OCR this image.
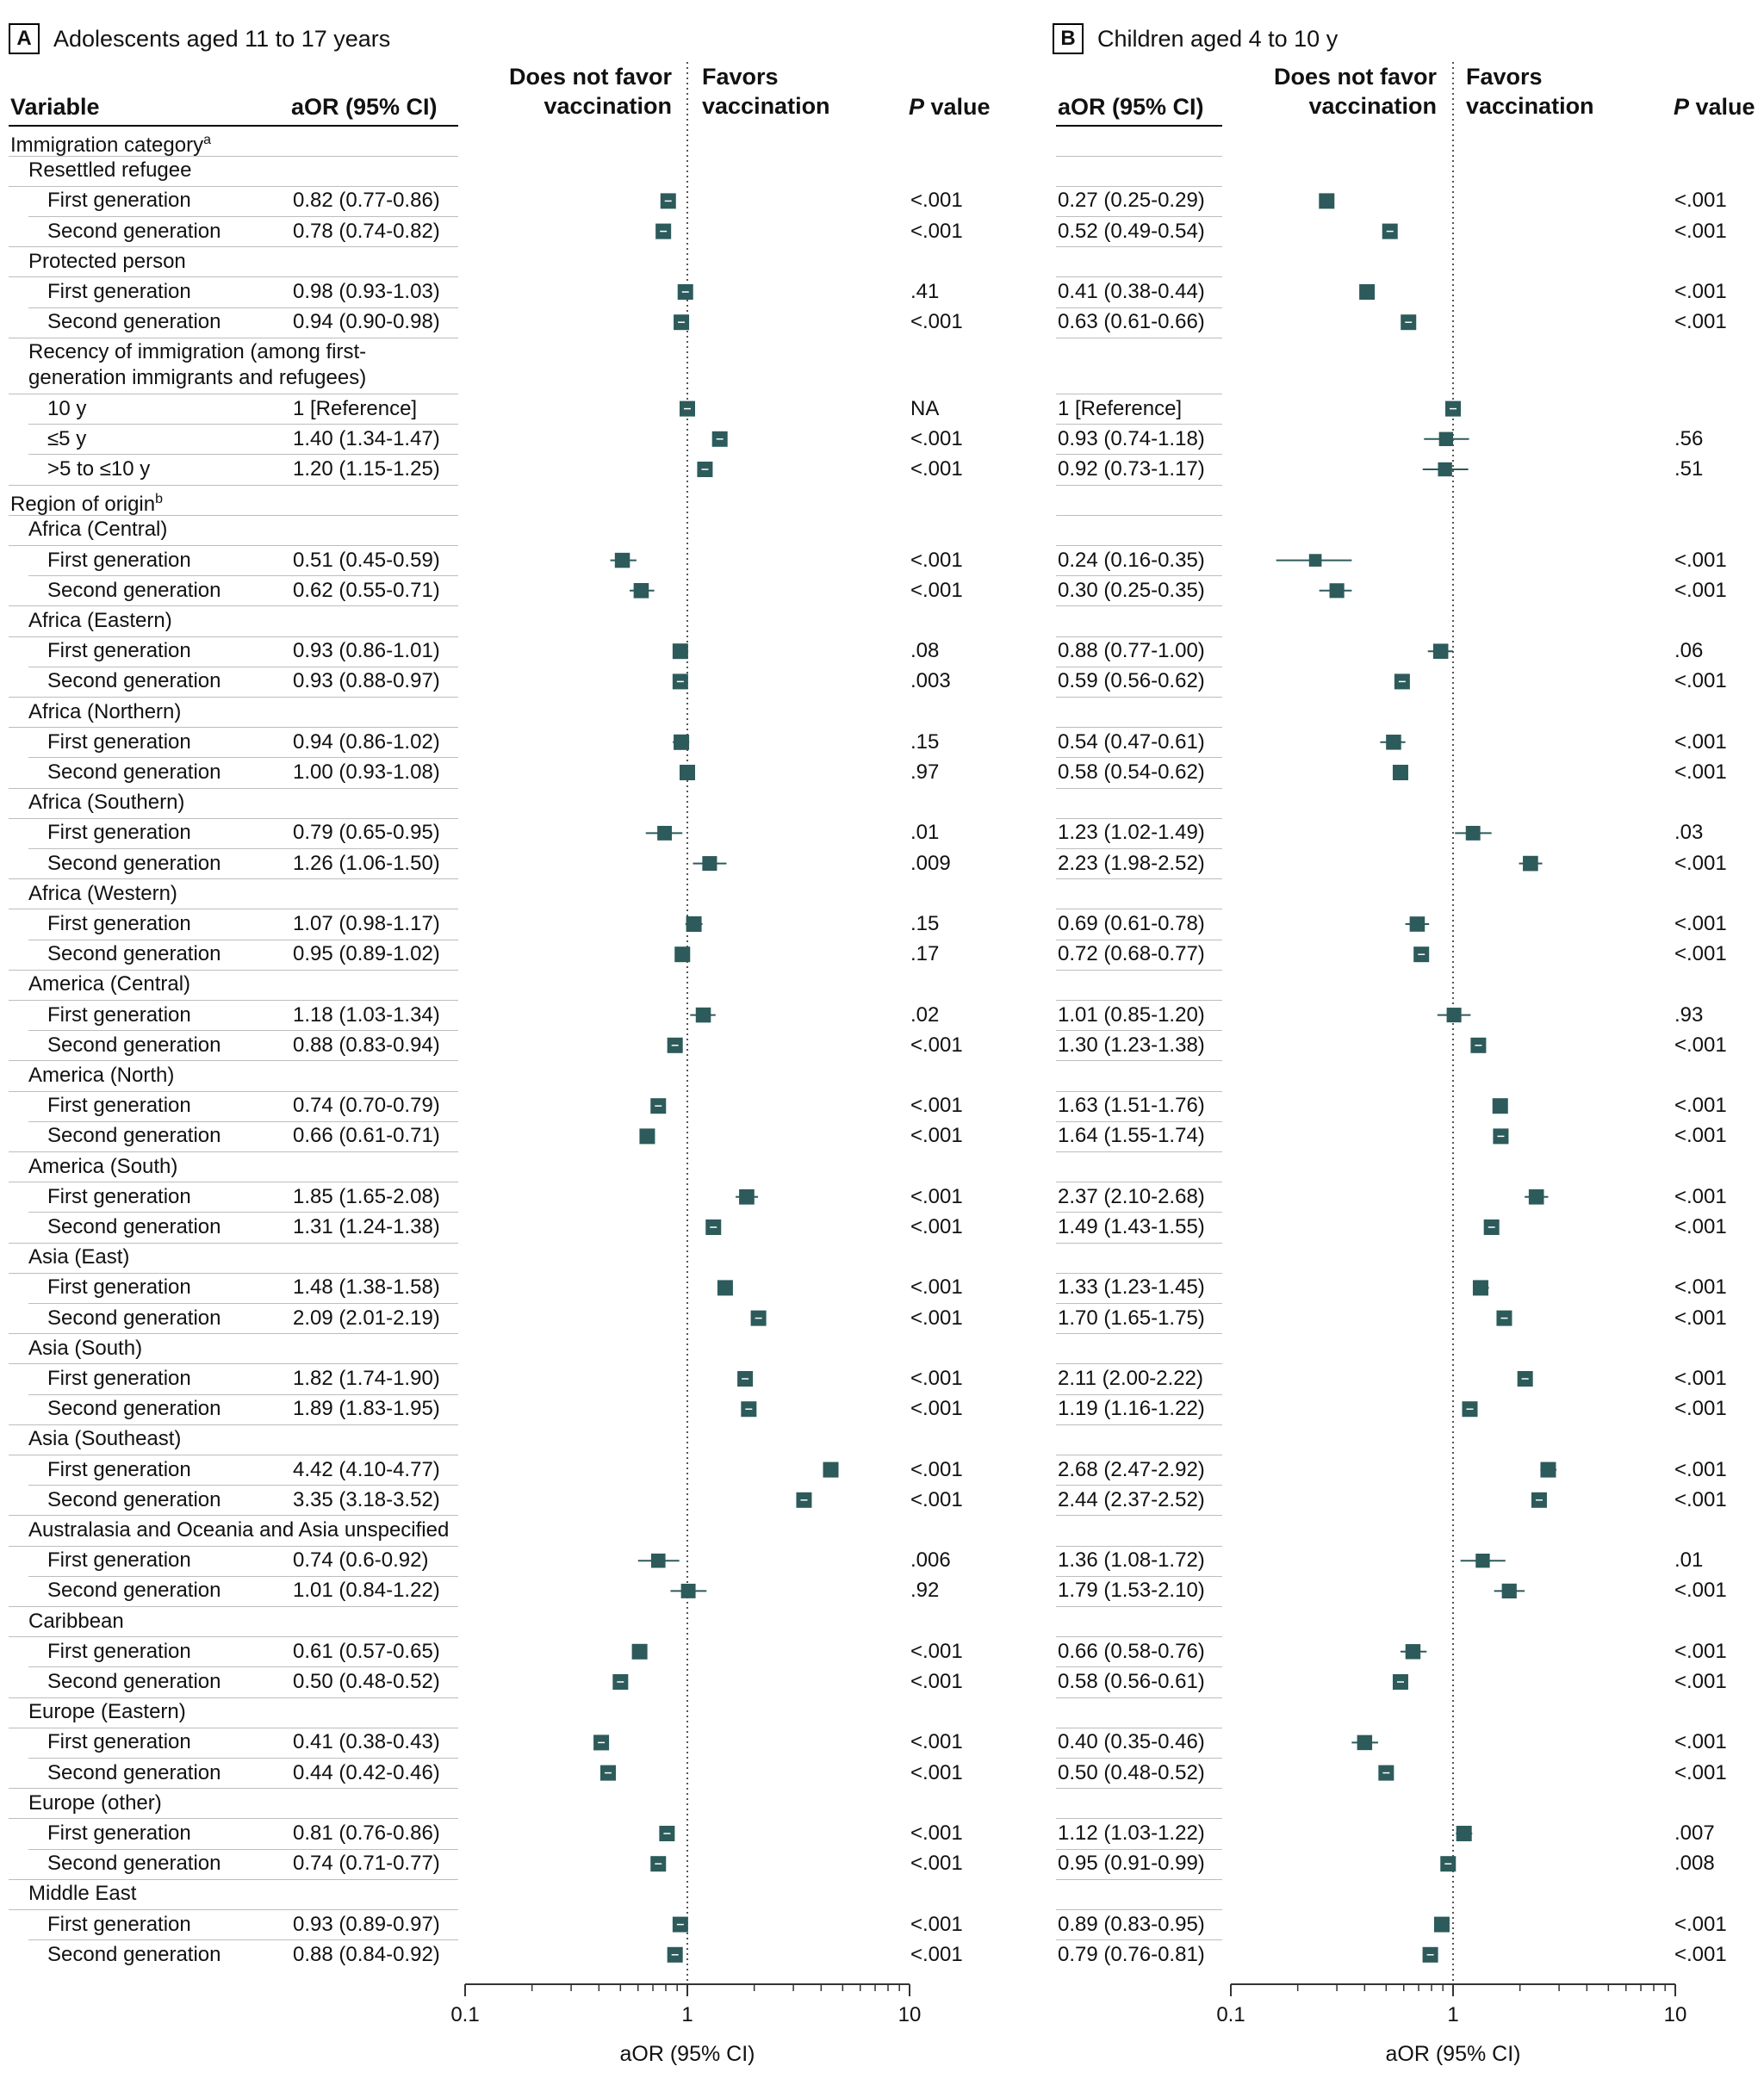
A Adolescents aged 11 to 17 years	B Children aged 4 to 10 y
Variable	aOR (95% CI)
Does not favor
vaccination
Favors
vaccination	P value	aOR (95% CI)
Does not favor
vaccination
Favors
vaccination	P value
Immigration category$^a$
Resettled refugee
First generation	0.82 (0.77-0.86)	<.001
Second generation	0.78 (0.74-0.82)	<.001
Protected person
First generation	0.98 (0.93-1.03)	.41
Second generation	0.94 (0.90-0.98)	<.001
Recency of immigration (among first-
generation immigrants and refugees)
10 y	1 [Reference]	NA
≤5 y	1.40 (1.34-1.47)	<.001
>5 to ≤10 y	1.20 (1.15-1.25)	<.001
Region of origin$^b$
Africa (Central)
First generation	0.51 (0.45-0.59)	<.001
Second generation	0.62 (0.55-0.71)	<.001
Africa (Eastern)
First generation	0.93 (0.86-1.01)	.08
Second generation	0.93 (0.88-0.97)	.003
Africa (Northern)
First generation	0.94 (0.86-1.02)	.15
Second generation	1.00 (0.93-1.08)	.97
Africa (Southern)
First generation	0.79 (0.65-0.95)	.01
Second generation	1.26 (1.06-1.50)	.009
Africa (Western)
First generation	1.07 (0.98-1.17)	.15
Second generation	0.95 (0.89-1.02)	.17
America (Central)
First generation	1.18 (1.03-1.34)	.02
Second generation	0.88 (0.83-0.94)	<.001
America (North)
First generation	0.74 (0.70-0.79)	<.001
Second generation	0.66 (0.61-0.71)	<.001
America (South)
First generation	1.85 (1.65-2.08)	<.001
Second generation	1.31 (1.24-1.38)	<.001
Asia (East)
First generation	1.48 (1.38-1.58)	<.001
Second generation	2.09 (2.01-2.19)	<.001
Asia (South)
First generation	1.82 (1.74-1.90)	<.001
Second generation	1.89 (1.83-1.95)	<.001
Asia (Southeast)
First generation	4.42 (4.10-4.77)	<.001
Second generation	3.35 (3.18-3.52)	<.001
Australasia and Oceania and Asia unspecified
First generation	0.74 (0.6-0.92)	.006
Second generation	1.01 (0.84-1.22)	.92
Caribbean
First generation	0.61 (0.57-0.65)	<.001
Second generation	0.50 (0.48-0.52)	<.001
Europe (Eastern)
First generation	0.41 (0.38-0.43)	<.001
Second generation	0.44 (0.42-0.46)	<.001
Europe (other)
First generation	0.81 (0.76-0.86)	<.001
Second generation	0.74 (0.71-0.77)	<.001
Middle East
First generation	0.93 (0.89-0.97)	<.001
Second generation	0.88 (0.84-0.92)	<.001
0.27 (0.25-0.29)	<.001
0.52 (0.49-0.54)	<.001
0.41 (0.38-0.44)	<.001
0.63 (0.61-0.66)	<.001
1 [Reference]
0.93 (0.74-1.18)	.56
0.92 (0.73-1.17)	.51
0.24 (0.16-0.35)	<.001
0.30 (0.25-0.35)	<.001
0.88 (0.77-1.00)	.06
0.59 (0.56-0.62)	<.001
0.54 (0.47-0.61)	<.001
0.58 (0.54-0.62)	<.001
1.23 (1.02-1.49)	.03
2.23 (1.98-2.52)	<.001
0.69 (0.61-0.78)	<.001
0.72 (0.68-0.77)	<.001
1.01 (0.85-1.20)	.93
1.30 (1.23-1.38)	<.001
1.63 (1.51-1.76)	<.001
1.64 (1.55-1.74)	<.001
2.37 (2.10-2.68)	<.001
1.49 (1.43-1.55)	<.001
1.33 (1.23-1.45)	<.001
1.70 (1.65-1.75)	<.001
2.11 (2.00-2.22)	<.001
1.19 (1.16-1.22)	<.001
2.68 (2.47-2.92)	<.001
2.44 (2.37-2.52)	<.001
1.36 (1.08-1.72)	.01
1.79 (1.53-2.10)	<.001
0.66 (0.58-0.76)	<.001
0.58 (0.56-0.61)	<.001
0.40 (0.35-0.46)	<.001
0.50 (0.48-0.52)	<.001
1.12 (1.03-1.22)	.007
0.95 (0.91-0.99)	.008
0.89 (0.83-0.95)	<.001
0.79 (0.76-0.81)	<.001
0.1	1	10
aOR (95% CI)
0.1	1	10
aOR (95% CI)
